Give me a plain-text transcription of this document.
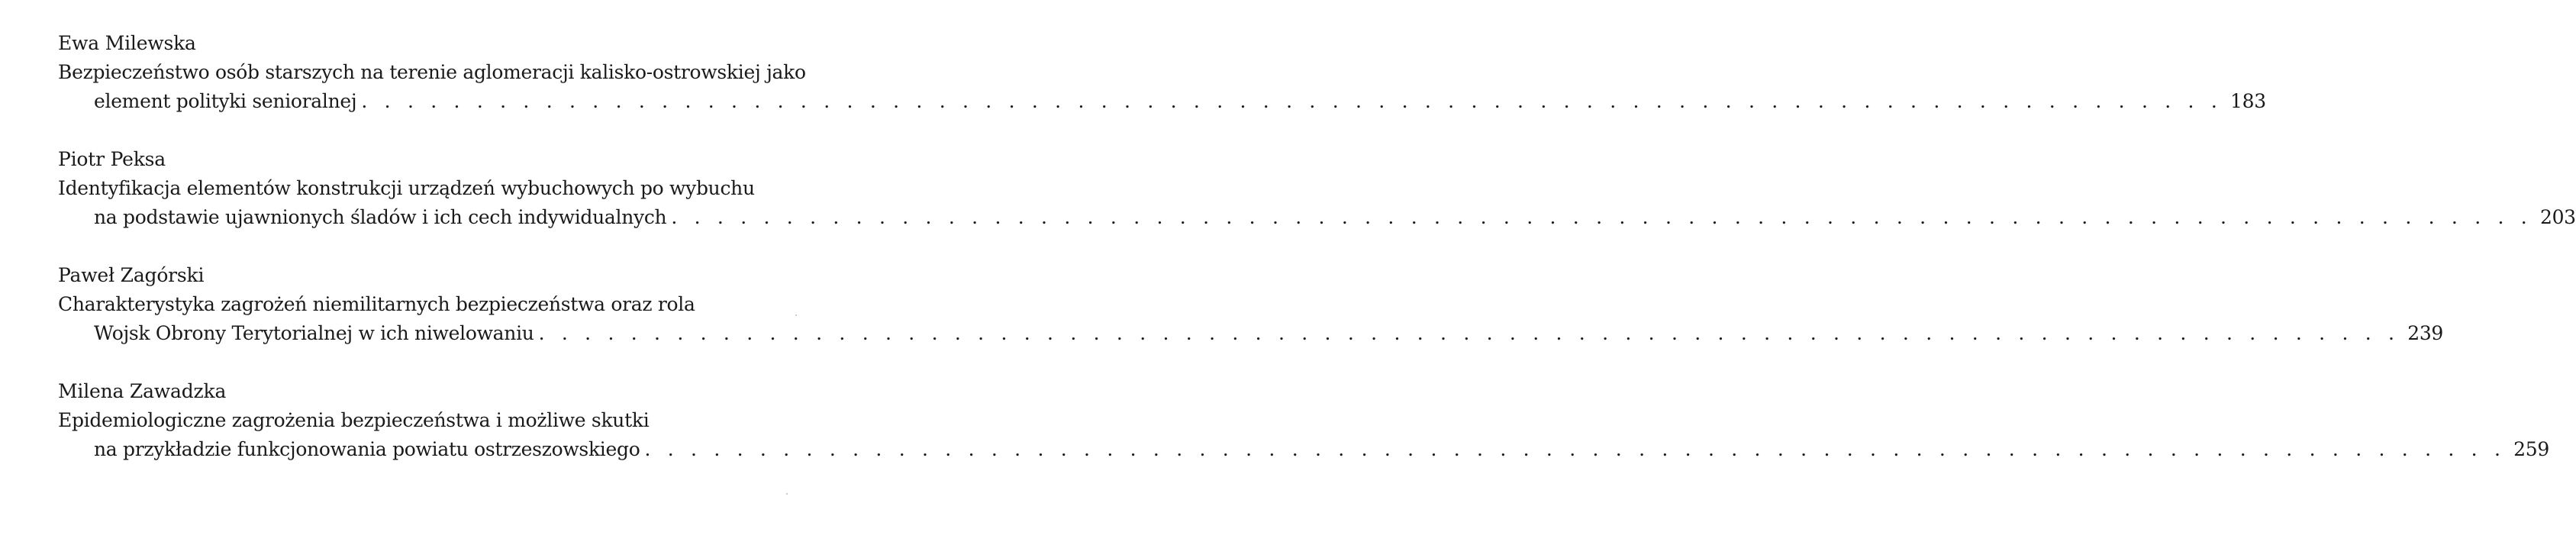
Ewa Milewska
Bezpieczeństwo osób starszych na terenie aglomeracji kalisko-ostrowskiej jako
element polityki senioralnej . . . . . . . . . . . . . . . . . . . . . . . . . . . . . . . . . . . . . . . . . . . . . . . . . . . . . . . . . . . . . . . . . . . . . . . . . . . . . . . . . 183
Piotr Peksa
Identyfikacja elementów konstrukcji urządzeń wybuchowych po wybuchu
na podstawie ujawnionych śladów i ich cech indywidualnych . . . . . . . . . . . . . . . . . . . . . . . . . . . . . . . . . . . . . . . . . . . . . . . . . . . . . . . . . . . . . . . . . . . . . . . . . . . . . . . . . 203
Paweł Zagórski
Charakterystyka zagrożeń niemilitarnych bezpieczeństwa oraz rola
Wojsk Obrony Terytorialnej w ich niwelowaniu . . . . . . . . . . . . . . . . . . . . . . . . . . . . . . . . . . . . . . . . . . . . . . . . . . . . . . . . . . . . . . . . . . . . . . . . . . . . . . . . . 239
Milena Zawadzka
Epidemiologiczne zagrożenia bezpieczeństwa i możliwe skutki
na przykładzie funkcjonowania powiatu ostrzeszowskiego . . . . . . . . . . . . . . . . . . . . . . . . . . . . . . . . . . . . . . . . . . . . . . . . . . . . . . . . . . . . . . . . . . . . . . . . . . . . . . . . . 259
